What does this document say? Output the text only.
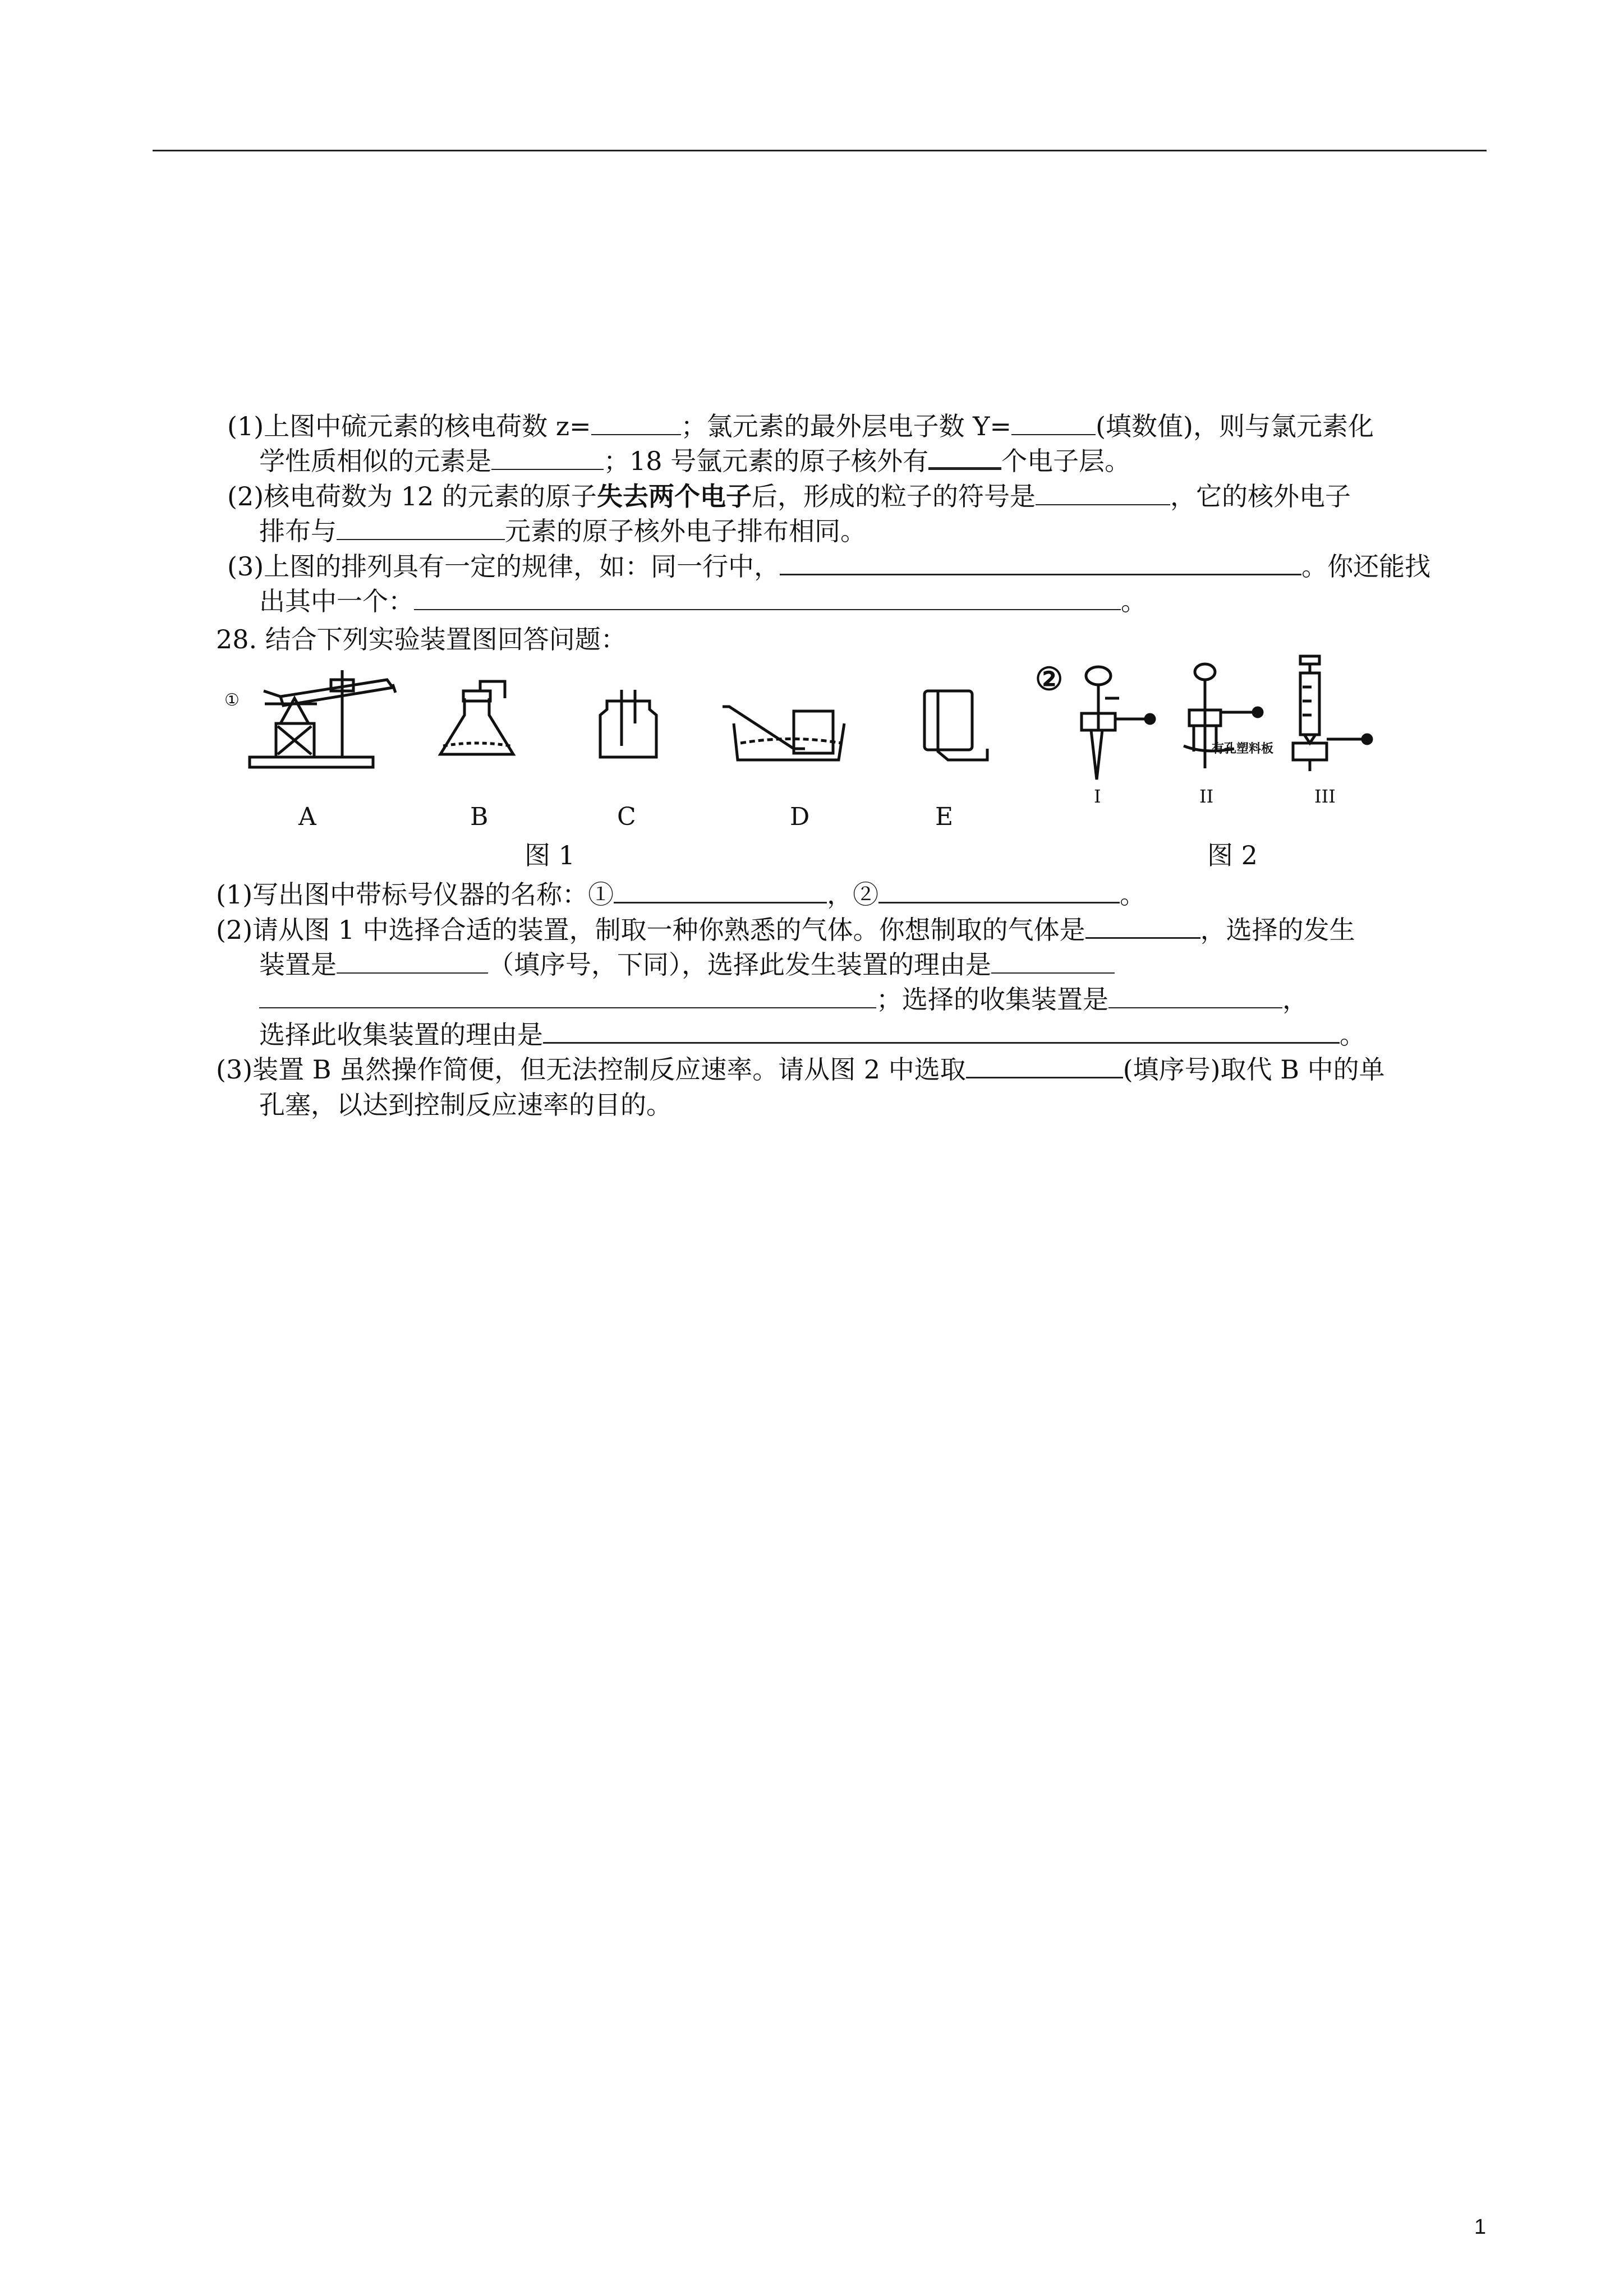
(1)上图中硫元素的核电荷数 z=	；氯元素的最外层电子数 Y=	(填数值)，则与氯元素化
学性质相似的元素是	；18 号氩元素的原子核外有	个电子层。
(2)核电荷数为 12 的元素的原子失去两个电子后，形成的粒子的符号是	，它的核外电子
排布与	元素的原子核外电子排布相同。
(3)上图的排列具有一定的规律，如：同一行中，	。你还能找
出其中一个：	。
28. 结合下列实验装置图回答问题：
①
②
有孔塑料板
A	B	C	D	E
I	II	III
图 1	图 2
(1)写出图中带标号仪器的名称：①	，②	。
(2)请从图 1 中选择合适的装置，制取一种你熟悉的气体。你想制取的气体是	，选择的发生
装置是	（填序号，下同），选择此发生装置的理由是
；选择的收集装置是	，
选择此收集装置的理由是	。
(3)装置 B 虽然操作简便，但无法控制反应速率。请从图 2 中选取	(填序号)取代 B 中的单
孔塞，以达到控制反应速率的目的。
1
